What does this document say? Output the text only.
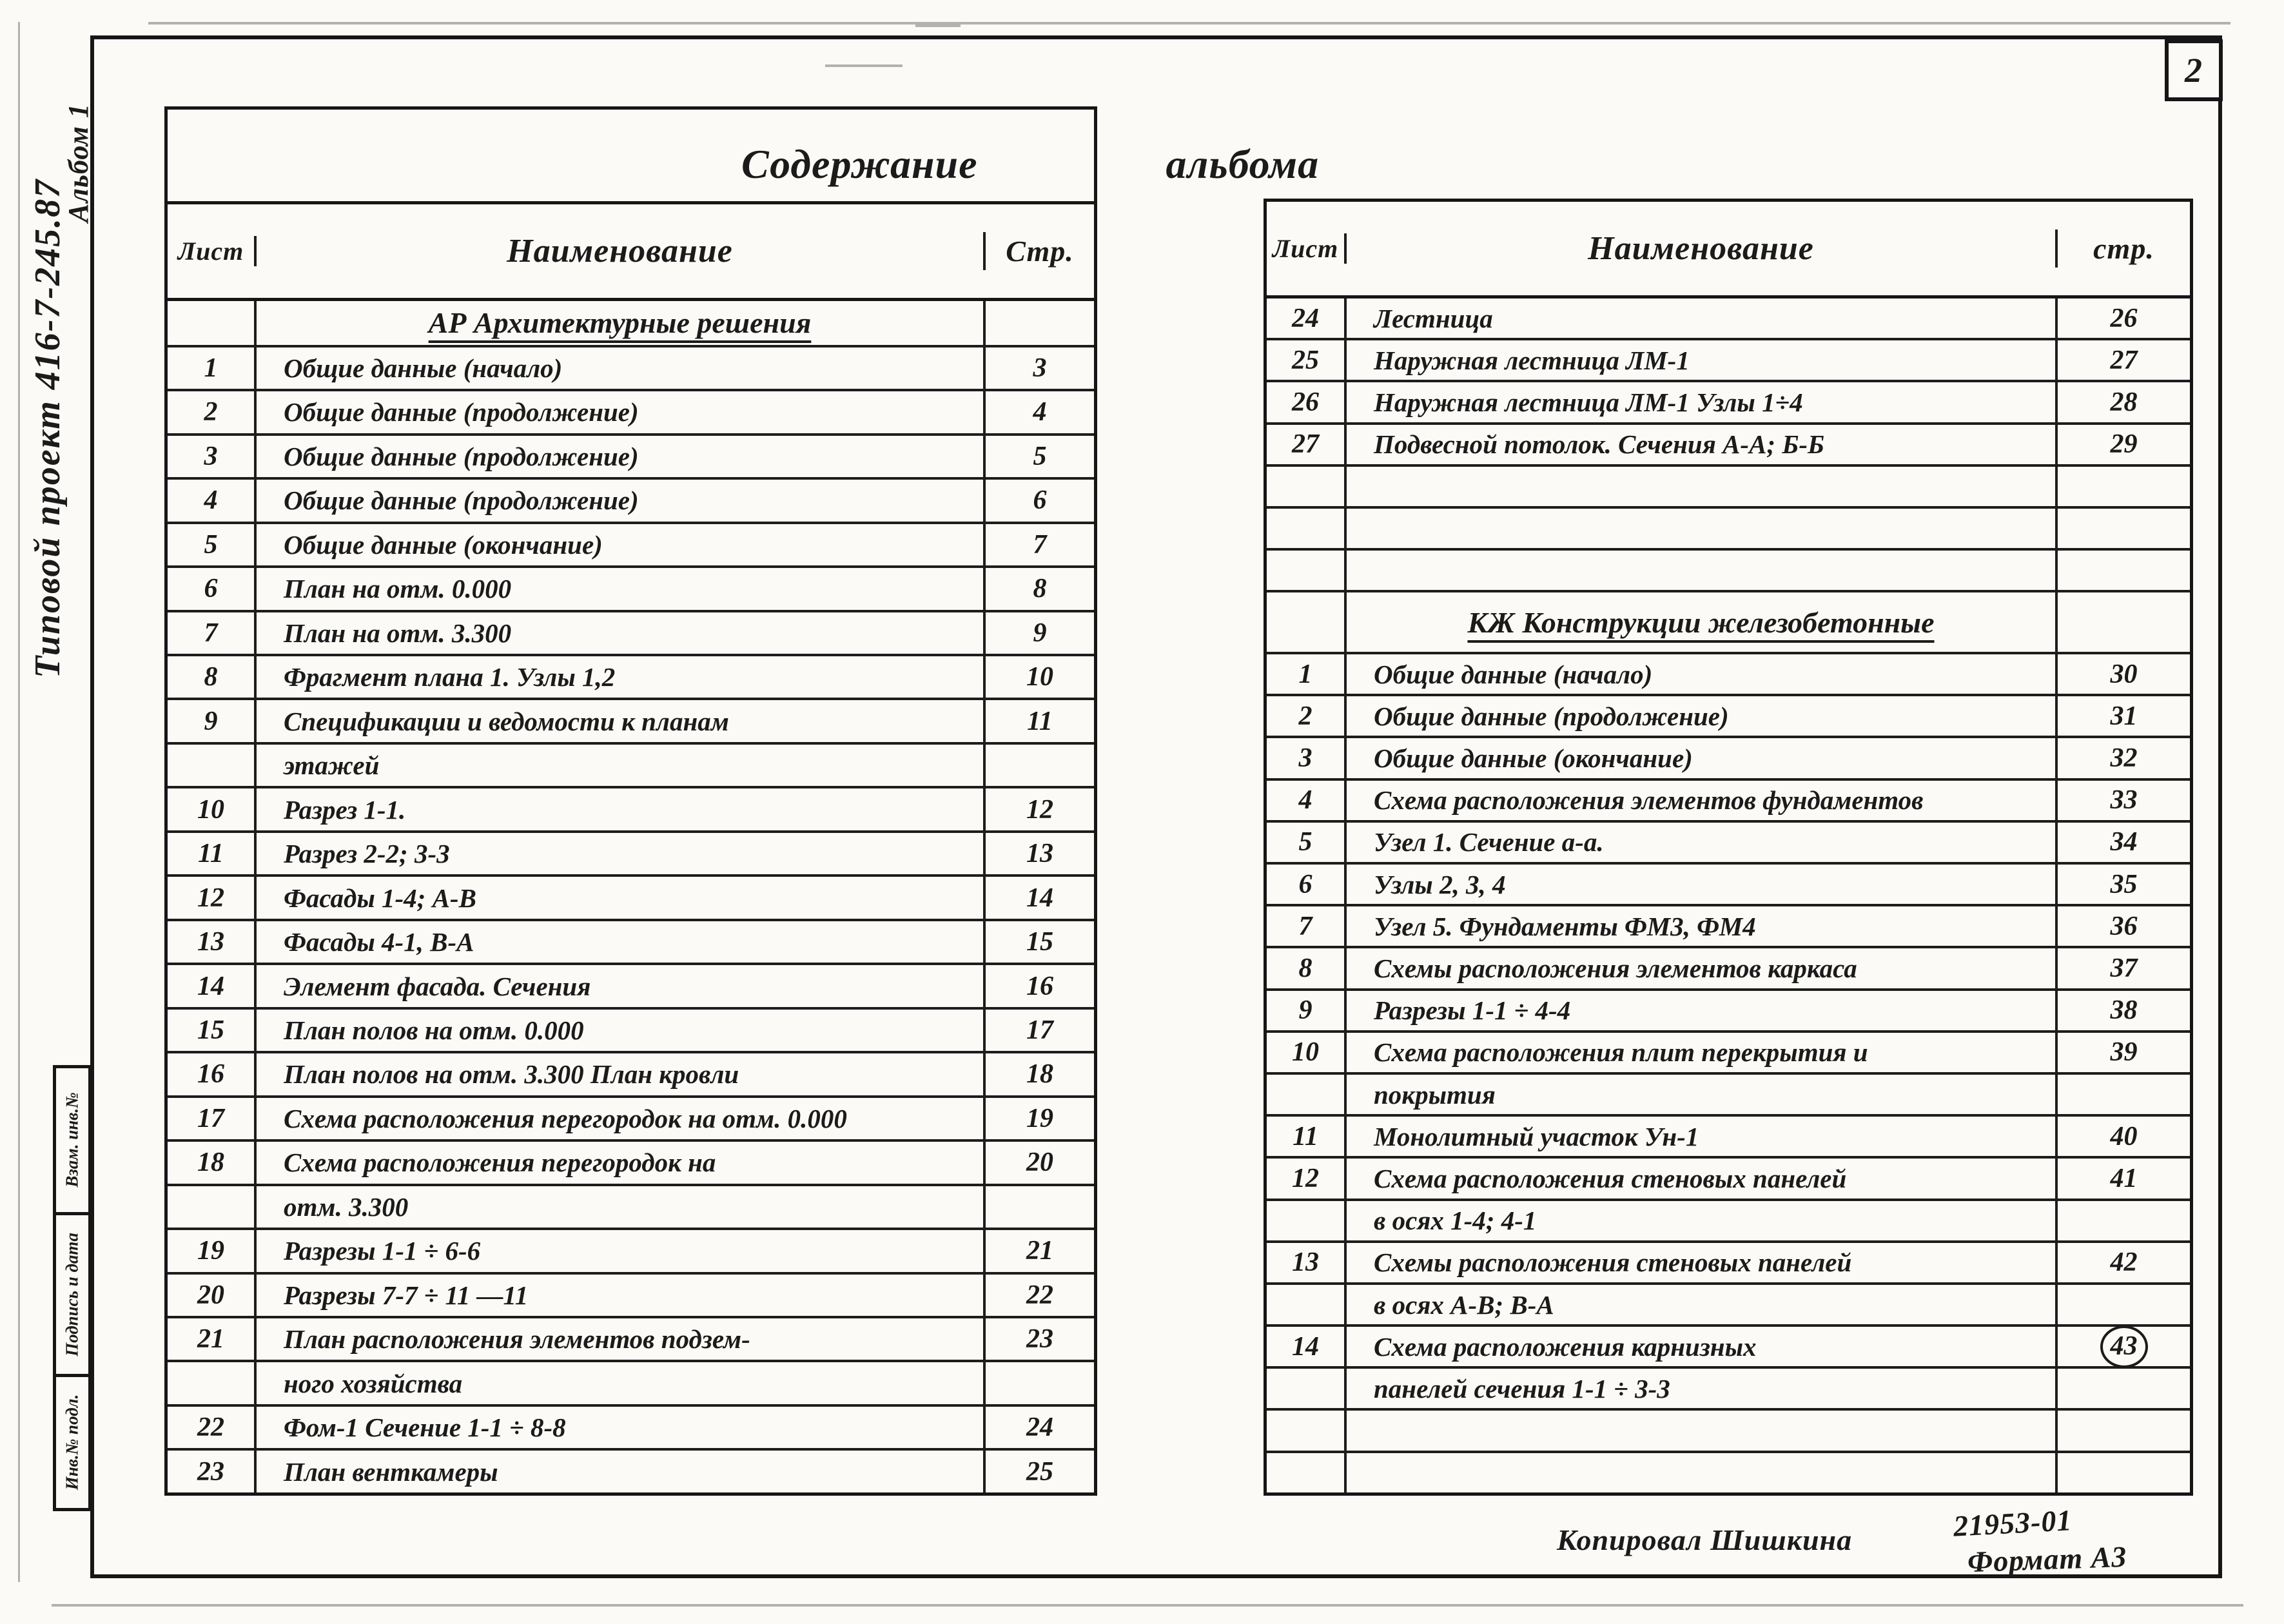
Типовой проект 416-7-245.87
Альбом 1
Взам. инв.№
Подпись и дата
Инв.№ подл.
2
Содержание	альбома
Лист	Наименование	Стр.
АР Архитектурные решения
1	Общие данные (начало)	3
2	Общие данные (продолжение)	4
3	Общие данные (продолжение)	5
4	Общие данные (продолжение)	6
5	Общие данные (окончание)	7
6	План на отм. 0.000	8
7	План на отм. 3.300	9
8	Фрагмент плана 1. Узлы 1,2	10
9	Спецификации и ведомости к планам	11
этажей
10	Разрез 1-1.	12
11	Разрез 2-2; 3-3	13
12	Фасады 1-4; А-В	14
13	Фасады 4-1, В-А	15
14	Элемент фасада. Сечения	16
15	План полов на отм. 0.000	17
16	План полов на отм. 3.300 План кровли	18
17	Схема расположения перегородок на отм. 0.000	19
18	Схема расположения перегородок на	20
отм. 3.300
19	Разрезы 1-1 ÷ 6-6	21
20	Разрезы 7-7 ÷ 11 —11	22
21	План расположения элементов подзем-	23
ного хозяйства
22	Фом-1 Сечение 1-1 ÷ 8-8	24
23	План венткамеры	25
Лист	Наименование	стр.
24	Лестница	26
25	Наружная лестница ЛМ-1	27
26	Наружная лестница ЛМ-1 Узлы 1÷4	28
27	Подвесной потолок. Сечения А-А; Б-Б	29
КЖ Конструкции железобетонные
1	Общие данные (начало)	30
2	Общие данные (продолжение)	31
3	Общие данные (окончание)	32
4	Схема расположения элементов фундаментов	33
5	Узел 1. Сечение а-а.	34
6	Узлы 2, 3, 4	35
7	Узел 5. Фундаменты ФМ3, ФМ4	36
8	Схемы расположения элементов каркаса	37
9	Разрезы 1-1 ÷ 4-4	38
10	Схема расположения плит перекрытия и	39
покрытия
11	Монолитный участок Ун-1	40
12	Схема расположения стеновых панелей	41
в осях 1-4; 4-1
13	Схемы расположения стеновых панелей	42
в осях А-В; В-А
14	Схема расположения карнизных	43
панелей сечения 1-1 ÷ 3-3
Копировал Шишкина	21953-01
Формат А3
